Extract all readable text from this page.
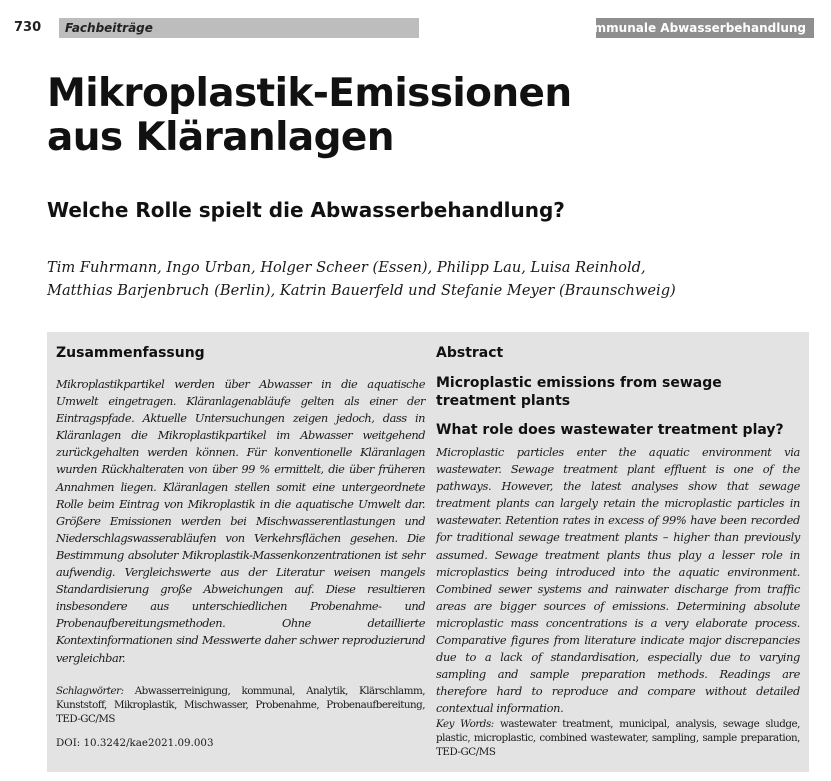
730 Fachbeiträge	Kommunale Abwasserbehandlung
Mikroplastik-Emissionen
aus Kläranlagen
Welche Rolle spielt die Abwasserbehandlung?
Tim Fuhrmann, Ingo Urban, Holger Scheer (Essen), Philipp Lau, Luisa Reinhold,
Matthias Barjenbruch (Berlin), Katrin Bauerfeld und Stefanie Meyer (Braunschweig)
Zusammenfassung
Mikroplastikpartikel werden über Abwasser in die aquatische Umwelt eingetragen. Kläranlagenabläufe gelten als einer der Eintragspfade. Aktuelle Untersuchungen zeigen jedoch, dass in Kläranlagen die Mikroplastikpartikel im Abwasser weitgehend zurückgehalten werden können. Für konventionelle Kläranlagen wurden Rückhalteraten von über 99 % ermittelt, die über früheren Annahmen liegen. Kläranlagen stellen somit eine untergeordnete Rolle beim Eintrag von Mikroplastik in die aquatische Umwelt dar. Größere Emissionen werden bei Mischwasserentlastungen und Niederschlagswasserabläufen von Verkehrsflächen gesehen. Die Bestimmung absoluter Mikroplastik-Massenkonzentrationen ist sehr aufwendig. Vergleichswerte aus der Literatur weisen mangels Standardisierung große Abweichungen auf. Diese resultieren insbesondere aus unterschiedlichen Probenahme- und Probenaufbereitungsmethoden. Ohne detaillierte Kontextinformationen sind Messwerte daher schwer reproduzierund vergleichbar.
Schlagwörter: Abwasserreinigung, kommunal, Analytik, Klärschlamm, Kunststoff, Mikroplastik, Mischwasser, Probenahme, Probenaufbereitung, TED-GC/MS
DOI: 10.3242/kae2021.09.003
Abstract
Microplastic emissions from sewage treatment plants
What role does wastewater treatment play?
Microplastic particles enter the aquatic environment via wastewater. Sewage treatment plant effluent is one of the pathways. However, the latest analyses show that sewage treatment plants can largely retain the microplastic particles in wastewater. Retention rates in excess of 99% have been recorded for traditional sewage treatment plants – higher than previously assumed. Sewage treatment plants thus play a lesser role in microplastics being introduced into the aquatic environment. Combined sewer systems and rainwater discharge from traffic areas are bigger sources of emissions. Determining absolute microplastic mass concentrations is a very elaborate process. Comparative figures from literature indicate major discrepancies due to a lack of standardisation, especially due to varying sampling and sample preparation methods. Readings are therefore hard to reproduce and compare without detailed contextual information.
Key Words: wastewater treatment, municipal, analysis, sewage sludge, plastic, microplastic, combined wastewater, sampling, sample preparation, TED-GC/MS
